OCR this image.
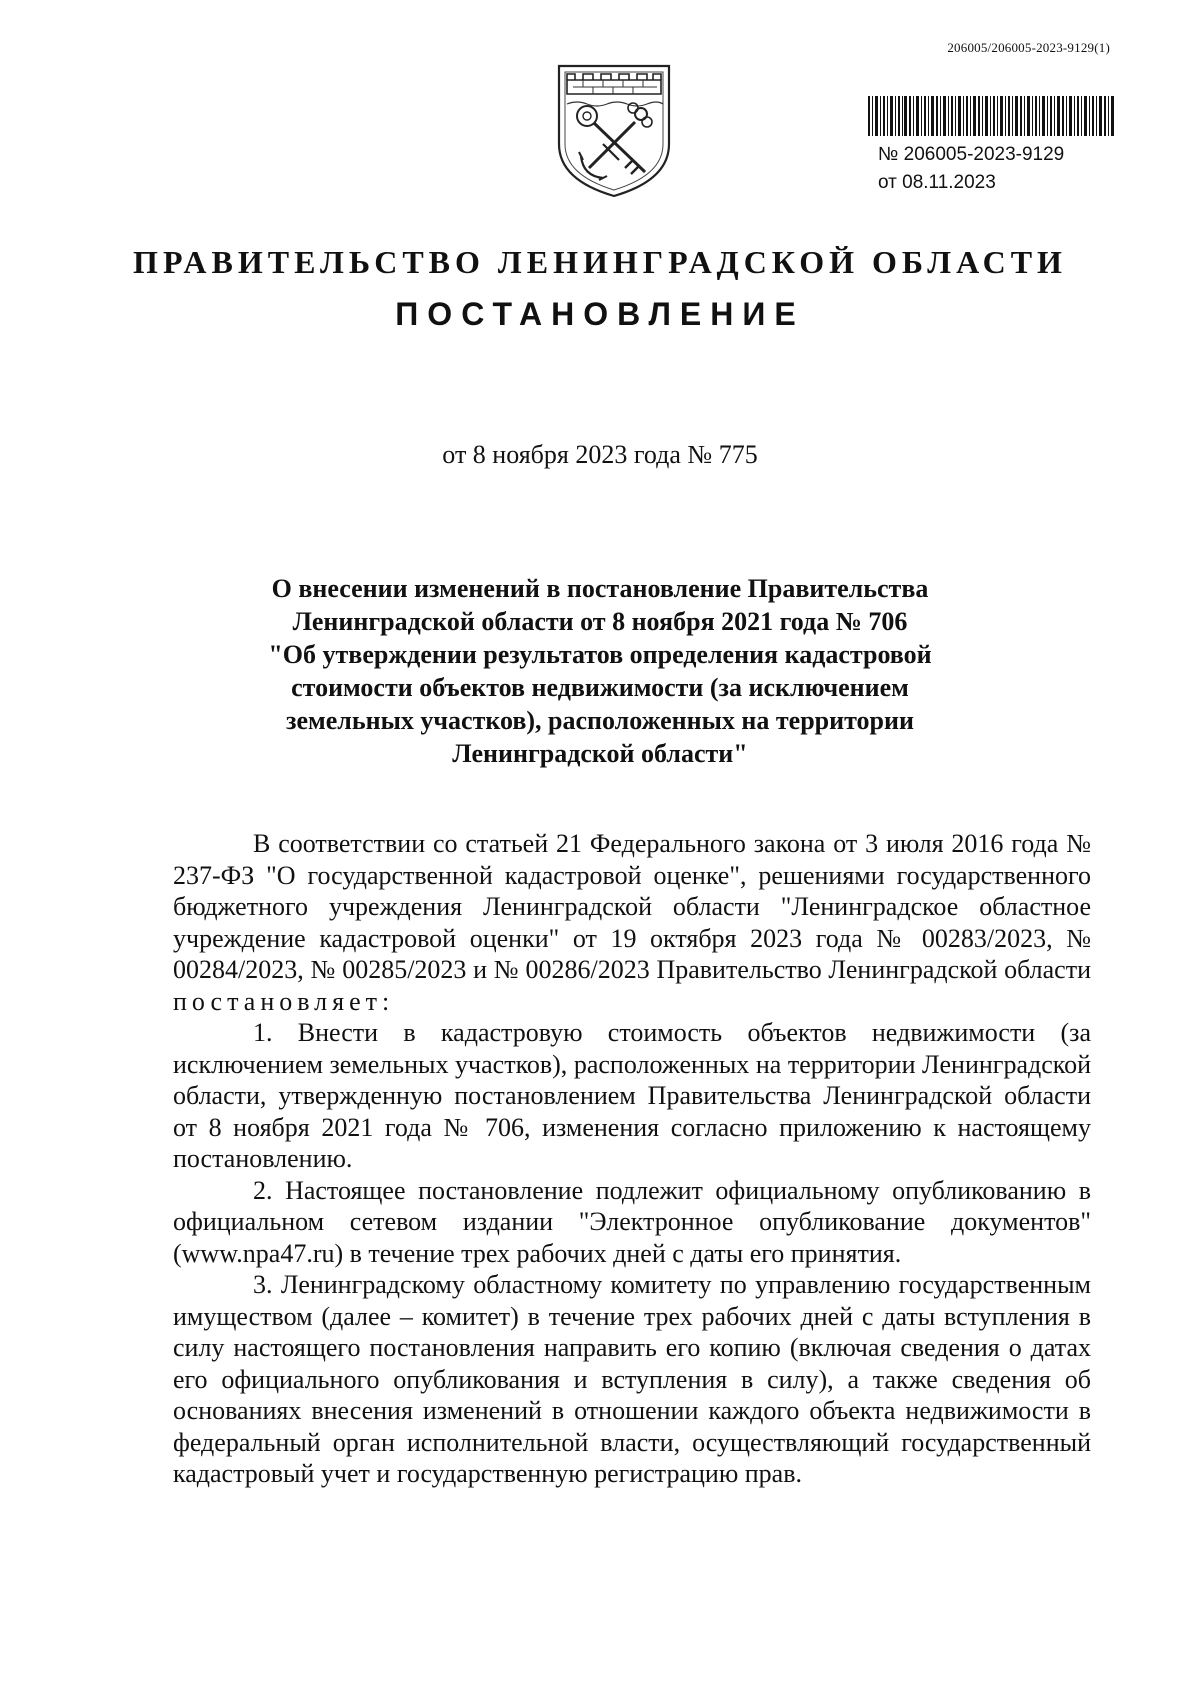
206005/206005-2023-9129(1)
№ 206005-2023-9129
от 08.11.2023
ПРАВИТЕЛЬСТВО ЛЕНИНГРАДСКОЙ ОБЛАСТИ
ПОСТАНОВЛЕНИЕ
от 8 ноября 2023 года № 775
О внесении изменений в постановление Правительства
Ленинградской области от 8 ноября 2021 года № 706
"Об утверждении результатов определения кадастровой
стоимости объектов недвижимости (за исключением
земельных участков), расположенных на территории
Ленинградской области"

В соответствии со статьей 21 Федерального закона от 3 июля 2016 года № 237-ФЗ "О государственной кадастровой оценке", решениями государственного бюджетного учреждения Ленинградской области "Ленинградское областное учреждение кадастровой оценки" от 19 октября 2023 года № 00283/2023, № 00284/2023, № 00285/2023 и № 00286/2023 Правительство Ленинградской области постановляет:

1. Внести в кадастровую стоимость объектов недвижимости (за исключением земельных участков), расположенных на территории Ленинградской области, утвержденную постановлением Правительства Ленинградской области от 8 ноября 2021 года № 706, изменения согласно приложению к настоящему постановлению.

2. Настоящее постановление подлежит официальному опубликованию в официальном сетевом издании "Электронное опубликование документов" (www.npa47.ru) в течение трех рабочих дней с даты его принятия.

3. Ленинградскому областному комитету по управлению государственным имуществом (далее – комитет) в течение трех рабочих дней с даты вступления в силу настоящего постановления направить его копию (включая сведения о датах его официального опубликования и вступления в силу), а также сведения об основаниях внесения изменений в отношении каждого объекта недвижимости в федеральный орган исполнительной власти, осуществляющий государственный кадастровый учет и государственную регистрацию прав.
